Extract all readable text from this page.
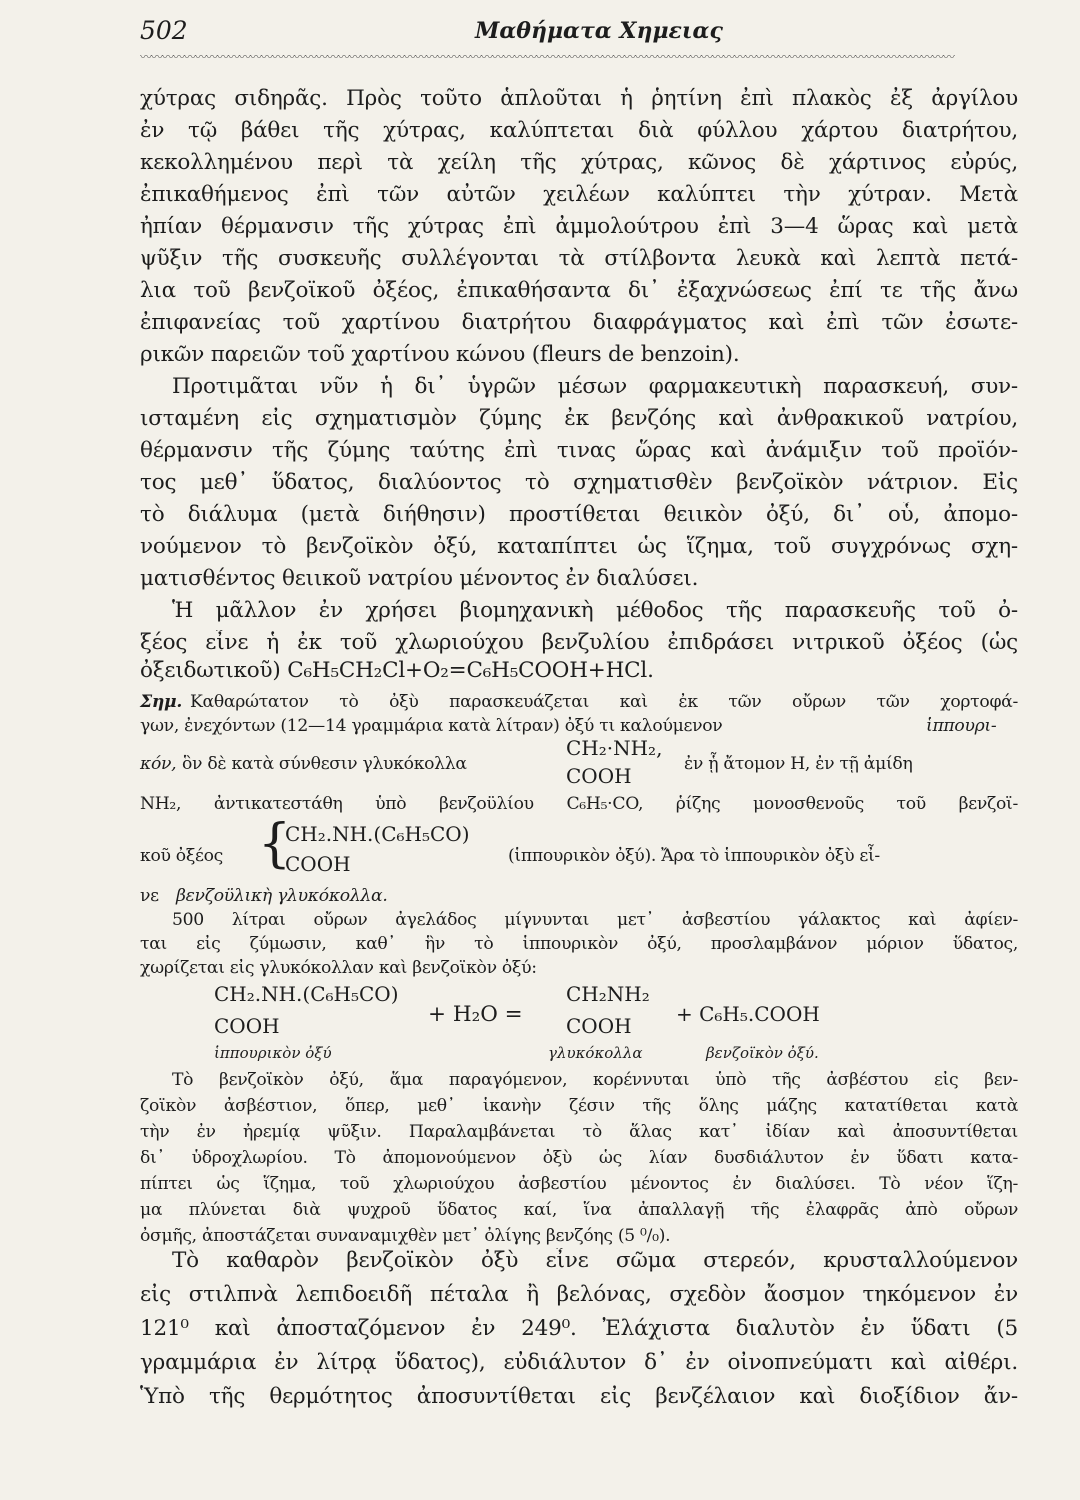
502	Μαθήματα Χημειας
〰〰〰〰〰〰〰〰〰〰〰〰〰〰〰〰〰〰〰〰〰〰〰〰〰〰〰〰〰〰〰〰〰〰〰〰〰〰〰〰〰〰〰〰〰〰〰〰〰〰〰〰〰〰〰〰〰〰〰〰〰〰〰〰〰〰〰〰〰〰〰〰〰〰

χύτρας σιδηρᾶς. Πρὸς τοῦτο ἁπλοῦται ἡ ῥητίνη ἐπὶ πλακὸς ἐξ ἀργίλου

ἐν τῷ βάθει τῆς χύτρας, καλύπτεται διὰ φύλλου χάρτου διατρήτου,

κεκολλημένου περὶ τὰ χείλη τῆς χύτρας, κῶνος δὲ χάρτινος εὐρύς,

ἐπικαθήμενος ἐπὶ τῶν αὐτῶν χειλέων καλύπτει τὴν χύτραν. Μετὰ

ἠπίαν θέρμανσιν τῆς χύτρας ἐπὶ ἀμμολούτρου ἐπὶ 3—4 ὥρας καὶ μετὰ

ψῦξιν τῆς συσκευῆς συλλέγονται τὰ στίλβοντα λευκὰ καὶ λεπτὰ πετά-

λια τοῦ βενζοϊκοῦ ὀξέος, ἐπικαθήσαντα δι᾽ ἐξαχνώσεως ἐπί τε τῆς ἄνω

ἐπιφανείας τοῦ χαρτίνου διατρήτου διαφράγματος καὶ ἐπὶ τῶν ἐσωτε-

ρικῶν παρειῶν τοῦ χαρτίνου κώνου (fleurs de benzoin).

Προτιμᾶται νῦν ἡ δι᾽ ὑγρῶν μέσων φαρμακευτικὴ παρασκευή, συν-

ισταμένη εἰς σχηματισμὸν ζύμης ἐκ βενζόης καὶ ἀνθρακικοῦ νατρίου,

θέρμανσιν τῆς ζύμης ταύτης ἐπὶ τινας ὥρας καὶ ἀνάμιξιν τοῦ προϊόν-

τος μεθ᾽ ὕδατος, διαλύοντος τὸ σχηματισθὲν βενζοϊκὸν νάτριον. Εἰς

τὸ διάλυμα (μετὰ διήθησιν) προστίθεται θειικὸν ὀξύ, δι᾽ οὗ, ἀπομο-

νούμενον τὸ βενζοϊκὸν ὀξύ, καταπίπτει ὡς ἵζημα, τοῦ συγχρόνως σχη-

ματισθέντος θειικοῦ νατρίου μένοντος ἐν διαλύσει.

Ἡ μᾶλλον ἐν χρήσει βιομηχανικὴ μέθοδος τῆς παρασκευῆς τοῦ ὀ-

ξέος εἶνε ἡ ἐκ τοῦ χλωριούχου βενζυλίου ἐπιδράσει νιτρικοῦ ὀξέος (ὡς

ὀξειδωτικοῦ) C₆H₅CH₂Cl+O₂=C₆H₅COOH+HCl.

Σημ. Καθαρώτατον τὸ ὀξὺ παρασκευάζεται καὶ ἐκ τῶν οὔρων τῶν χορτοφά-

γων, ἐνεχόντων (12—14 γραμμάρια κατὰ λίτραν) ὀξύ τι καλούμενον	ἱππουρι-
κόν, ὃν δὲ κατὰ σύνθεσιν γλυκόκολλα
CH₂·NH₂,
COOH	ἐν ᾗ ἄτομον Η, ἐν τῇ ἀμίδη

NH₂, ἀντικατεστάθη ὑπὸ βενζοϋλίου C₆H₅·CO, ῥίζης μονοσθενοῦς τοῦ βενζοϊ-

κοῦ ὀξέος {
CH₂.NH.(C₆H₅CO)
COOH	(ἱππουρικὸν ὀξύ). Ἄρα τὸ ἱππουρικὸν ὀξὺ εἶ-
νε βενζοϋλικὴ γλυκόκολλα.

500 λίτραι οὔρων ἀγελάδος μίγνυνται μετ᾽ ἀσβεστίου γάλακτος καὶ ἀφίεν-

ται εἰς ζύμωσιν, καθ᾽ ἣν τὸ ἱππουρικὸν ὀξύ, προσλαμβάνον μόριον ὕδατος,

χωρίζεται εἰς γλυκόκολλαν καὶ βενζοϊκὸν ὀξύ:

CH₂.NH.(C₆H₅CO)
COOH	+ H₂O =
CH₂NH₂
COOH + C₆H₅.COOH
ἱππουρικὸν ὀξύ	γλυκόκολλα	βενζοϊκὸν ὀξύ.

Τὸ βενζοϊκὸν ὀξύ, ἅμα παραγόμενον, κορέννυται ὑπὸ τῆς ἀσβέστου εἰς βεν-

ζοϊκὸν ἀσβέστιον, ὅπερ, μεθ᾽ ἱκανὴν ζέσιν τῆς ὅλης μάζης κατατίθεται κατὰ

τὴν ἐν ἠρεμίᾳ ψῦξιν. Παραλαμβάνεται τὸ ἅλας κατ᾽ ἰδίαν καὶ ἀποσυντίθεται

δι᾽ ὑδροχλωρίου. Τὸ ἀπομονούμενον ὀξὺ ὡς λίαν δυσδιάλυτον ἐν ὕδατι κατα-

πίπτει ὡς ἵζημα, τοῦ χλωριούχου ἀσβεστίου μένοντος ἐν διαλύσει. Τὸ νέον ἵζη-

μα πλύνεται διὰ ψυχροῦ ὕδατος καί, ἵνα ἀπαλλαγῇ τῆς ἐλαφρᾶς ἀπὸ οὔρων

ὀσμῆς, ἀποστάζεται συναναμιχθὲν μετ᾽ ὀλίγης βενζόης (5 ⁰/₀).

Τὸ καθαρὸν βενζοϊκὸν ὀξὺ εἶνε σῶμα στερεόν, κρυσταλλούμενον

εἰς στιλπνὰ λεπιδοειδῆ πέταλα ἢ βελόνας, σχεδὸν ἄοσμον τηκόμενον ἐν

121⁰ καὶ ἀποσταζόμενον ἐν 249⁰. Ἐλάχιστα διαλυτὸν ἐν ὕδατι (5

γραμμάρια ἐν λίτρᾳ ὕδατος), εὐδιάλυτον δ᾽ ἐν οἰνοπνεύματι καὶ αἰθέρι.

Ὑπὸ τῆς θερμότητος ἀποσυντίθεται εἰς βενζέλαιον καὶ διοξίδιον ἄν-
